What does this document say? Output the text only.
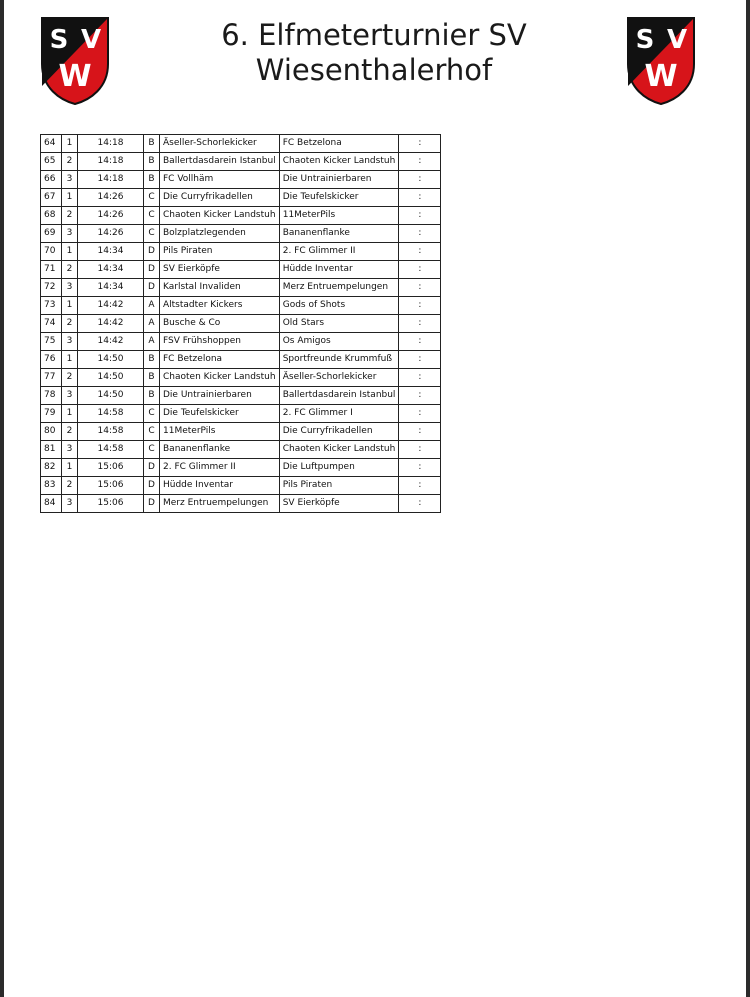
S V
W
6. Elfmeterturnier SV
Wiesenthalerhof
S V
W
64	1	14:18	B	Äseller-Schorlekicker	FC Betzelona	:
65	2	14:18	B	Ballertdasdarein Istanbul	Chaoten Kicker Landstuh	:
66	3	14:18	B	FC Vollhäm	Die Untrainierbaren	:
67	1	14:26	C	Die Curryfrikadellen	Die Teufelskicker	:
68	2	14:26	C	Chaoten Kicker Landstuh	11MeterPils	:
69	3	14:26	C	Bolzplatzlegenden	Bananenflanke	:
70	1	14:34	D	Pils Piraten	2. FC Glimmer II	:
71	2	14:34	D	SV Eierköpfe	Hüdde Inventar	:
72	3	14:34	D	Karlstal Invaliden	Merz Entruempelungen	:
73	1	14:42	A	Altstadter Kickers	Gods of Shots	:
74	2	14:42	A	Busche & Co	Old Stars	:
75	3	14:42	A	FSV Frühshoppen	Os Amigos	:
76	1	14:50	B	FC Betzelona	Sportfreunde Krummfuß	:
77	2	14:50	B	Chaoten Kicker Landstuh	Äseller-Schorlekicker	:
78	3	14:50	B	Die Untrainierbaren	Ballertdasdarein Istanbul	:
79	1	14:58	C	Die Teufelskicker	2. FC Glimmer I	:
80	2	14:58	C	11MeterPils	Die Curryfrikadellen	:
81	3	14:58	C	Bananenflanke	Chaoten Kicker Landstuh	:
82	1	15:06	D	2. FC Glimmer II	Die Luftpumpen	:
83	2	15:06	D	Hüdde Inventar	Pils Piraten	:
84	3	15:06	D	Merz Entruempelungen	SV Eierköpfe	:
